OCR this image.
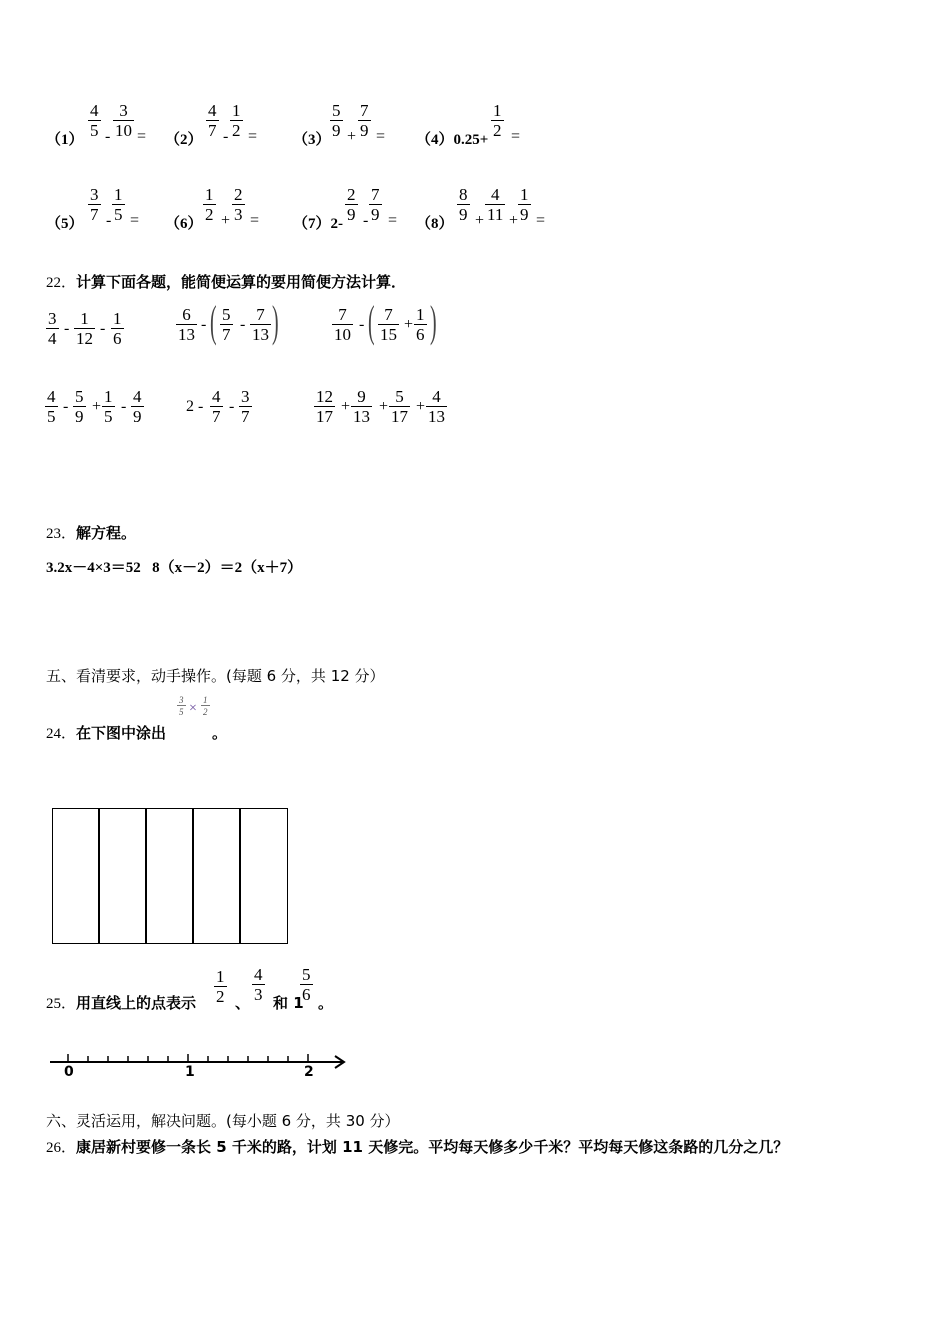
$(1) \frac{4}{5} - \frac{3}{10} = (2) \frac{4}{7} - \frac{1}{2} = (3) \frac{5}{9} + \frac{7}{9} = (4)0.25+ \frac{1}{2}$ =
$(5) \frac{3}{7} - \frac{1}{5} = (6) \frac{1}{2} + \frac{2}{3} = (7)2- \frac{2}{9} - \frac{7}{9} = (8) \frac{8}{9} + \frac{4}{11} + \frac{1}{9}$ =
22．计算下面各题，能简便运算的要用简便方法计算．
$\frac{3}{4} - \frac{1}{12} - \frac{1}{6}$	$\frac{6}{13}$ - ( $\frac{5}{7} - \frac{7}{13}$ )	$\frac{7}{10}$ - ( $\frac{7}{15} + \frac{1}{6}$ )
$\frac{4}{5} - \frac{5}{9} + \frac{1}{5} - \frac{4}{9}$	$2 - \frac{4}{7} - \frac{3}{7}$	$\frac{12}{17} + \frac{9}{13} + \frac{5}{17} + \frac{4}{13}$
23．解方程。
3.2x－4×3＝52 8（x－2）＝2（x＋7）
五、看清要求，动手操作。(每题 6 分，共 12 分）
24．在下图中涂出
$\frac{3}{5} \times \frac{1}{2}$
。
25．用直线上的点表示 $\frac{1}{2}$ 、 $\frac{4}{3}$ 和 1
$\frac{5}{6}$ 。
0	1	2
六、灵活运用，解决问题。(每小题 6 分，共 30 分）
26．康居新村要修一条长 5 千米的路，计划 11 天修完。平均每天修多少千米？平均每天修这条路的几分之几？
